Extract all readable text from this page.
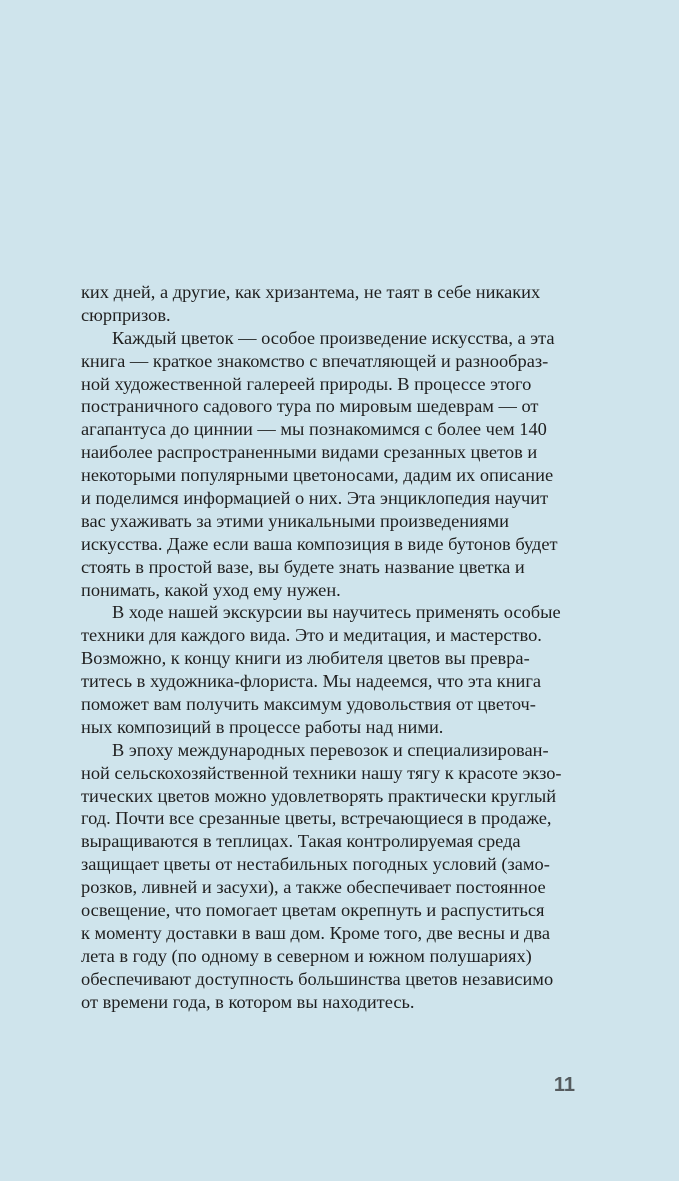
ких дней, а другие, как хризантема, не таят в себе никаких
сюрпризов.
Каждый цветок — особое произведение искусства, а эта
книга — краткое знакомство с впечатляющей и разнообраз-
ной художественной галереей природы. В процессе этого
постраничного садового тура по мировым шедеврам — от
агапантуса до циннии — мы познакомимся с более чем 140
наиболее распространенными видами срезанных цветов и
некоторыми популярными цветоносами, дадим их описание
и поделимся информацией о них. Эта энциклопедия научит
вас ухаживать за этими уникальными произведениями
искусства. Даже если ваша композиция в виде бутонов будет
стоять в простой вазе, вы будете знать название цветка и
понимать, какой уход ему нужен.
В ходе нашей экскурсии вы научитесь применять особые
техники для каждого вида. Это и медитация, и мастерство.
Возможно, к концу книги из любителя цветов вы превра-
титесь в художника-флориста. Мы надеемся, что эта книга
поможет вам получить максимум удовольствия от цветоч-
ных композиций в процессе работы над ними.
В эпоху международных перевозок и специализирован-
ной сельскохозяйственной техники нашу тягу к красоте экзо-
тических цветов можно удовлетворять практически круглый
год. Почти все срезанные цветы, встречающиеся в продаже,
выращиваются в теплицах. Такая контролируемая среда
защищает цветы от нестабильных погодных условий (замо-
розков, ливней и засухи), а также обеспечивает постоянное
освещение, что помогает цветам окрепнуть и распуститься
к моменту доставки в ваш дом. Кроме того, две весны и два
лета в году (по одному в северном и южном полушариях)
обеспечивают доступность большинства цветов независимо
от времени года, в котором вы находитесь.
11
